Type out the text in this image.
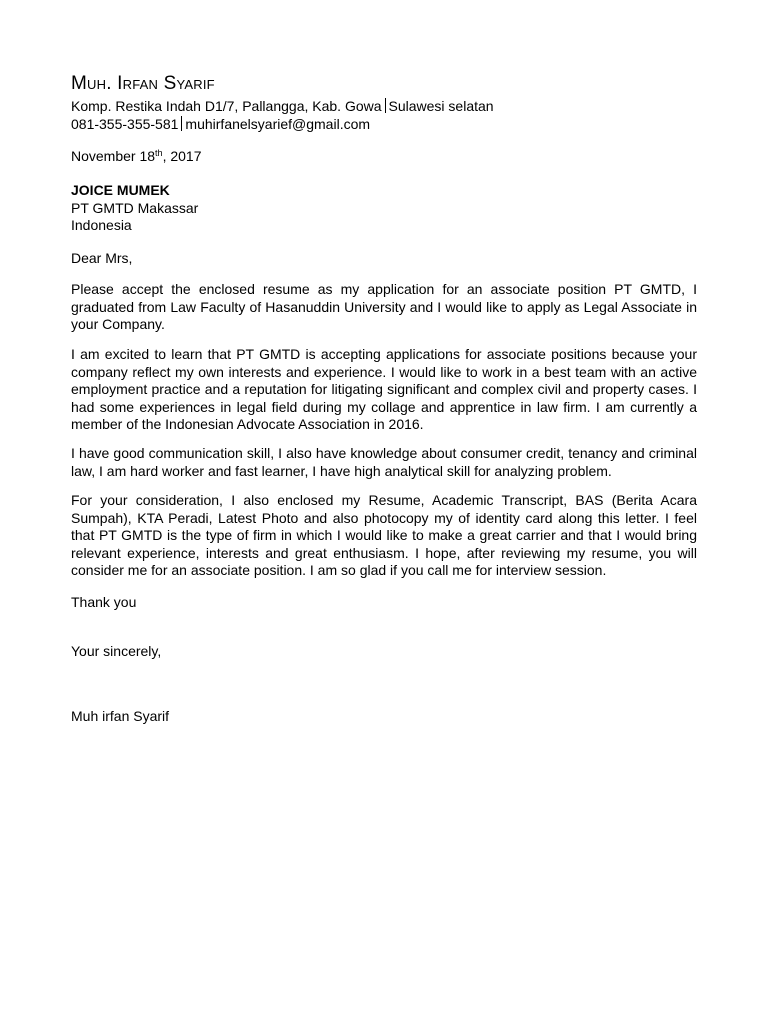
Muh. Irfan Syarif
Komp. Restika Indah D1/7, Pallangga, Kab. Gowa Sulawesi selatan
081-355-355-581 muhirfanelsyarief@gmail.com
November 18th, 2017
JOICE MUMEK
PT GMTD Makassar
Indonesia
Dear Mrs,

Please accept the enclosed resume as my application for an associate position PT GMTD, I graduated from Law Faculty of Hasanuddin University and I would like to apply as Legal Associate in your Company.

I am excited to learn that PT GMTD is accepting applications for associate positions because your company reflect my own interests and experience. I would like to work in a best team with an active employment practice and a reputation for litigating significant and complex civil and property cases. I had some experiences in legal field during my collage and apprentice in law firm. I am currently a member of the Indonesian Advocate Association in 2016.

I have good communication skill, I also have knowledge about consumer credit, tenancy and criminal law, I am hard worker and fast learner, I have high analytical skill for analyzing problem.

For your consideration, I also enclosed my Resume, Academic Transcript, BAS (Berita Acara Sumpah), KTA Peradi, Latest Photo and also photocopy my of identity card along this letter. I feel that PT GMTD is the type of firm in which I would like to make a great carrier and that I would bring relevant experience, interests and great enthusiasm. I hope, after reviewing my resume, you will consider me for an associate position. I am so glad if you call me for interview session.

Thank you
Your sincerely,
Muh irfan Syarif
